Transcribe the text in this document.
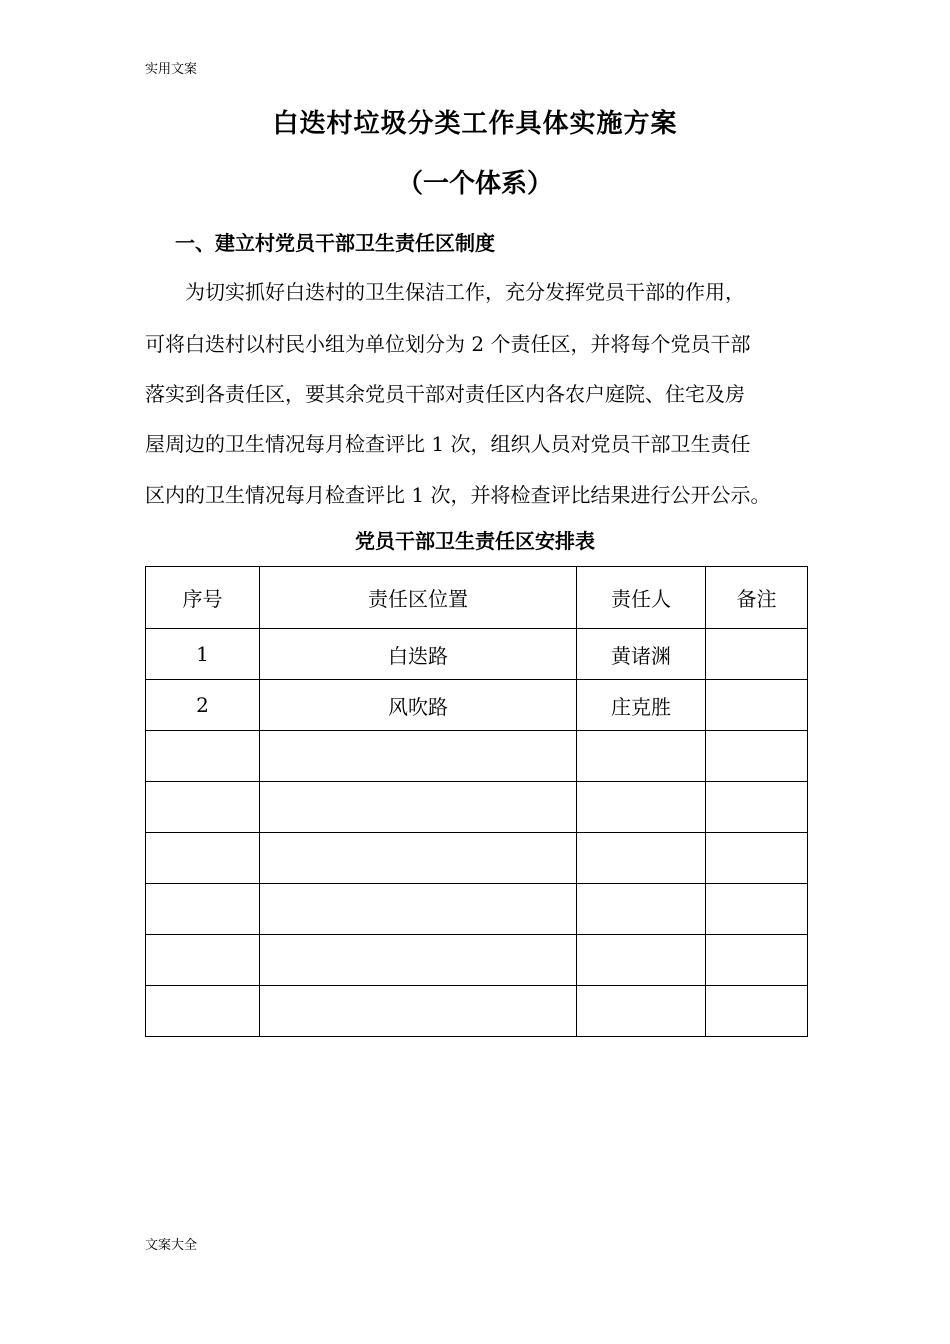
实用文案
白迭村垃圾分类工作具体实施方案
（一个体系）
一、建立村党员干部卫生责任区制度
　　为切实抓好白迭村的卫生保洁工作，充分发挥党员干部的作用，
可将白迭村以村民小组为单位划分为 2 个责任区，并将每个党员干部
落实到各责任区，要其余党员干部对责任区内各农户庭院、住宅及房
屋周边的卫生情况每月检查评比 1 次，组织人员对党员干部卫生责任
区内的卫生情况每月检查评比 1 次，并将检查评比结果进行公开公示。
党员干部卫生责任区安排表
序号	责任区位置	责任人	备注
1	白迭路	黄诸渊	
2	风吹路	庄克胜	

文案大全
